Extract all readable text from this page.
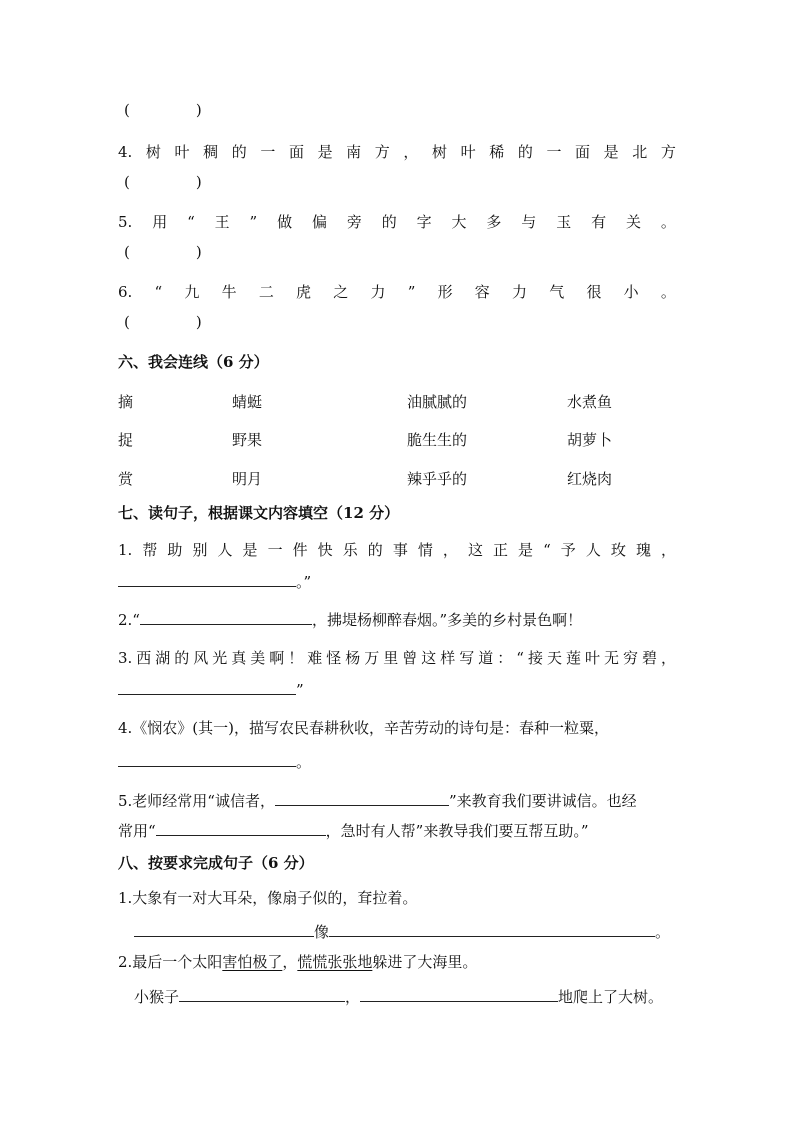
(	)
4. 树 叶 稠 的 一 面 是 南 方 ， 树 叶 稀 的 一 面 是 北 方
(	)
5. 用 “ 王 ” 做 偏 旁 的 字 大 多 与 玉 有 关 。
(	)
6. “ 九 牛 二 虎 之 力 ” 形 容 力 气 很 小 。
(	)
六、我会连线（6 分）
摘	蜻蜓	油腻腻的	水煮鱼
捉	野果	脆生生的	胡萝卜
赏	明月	辣乎乎的	红烧肉
七、读句子，根据课文内容填空（12 分）
1. 帮 助 别 人 是 一 件 快 乐 的 事 情 ， 这 正 是 “ 予 人 玫 瑰 ，
。”
2.“	，拂堤杨柳醉春烟。”多美的乡村景色啊！
3. 西 湖 的 风 光 真 美 啊 ！ 难 怪 杨 万 里 曾 这 样 写 道 ： “ 接 天 莲 叶 无 穷 碧 ，
”
4.《悯农》(其一)，描写农民春耕秋收，辛苦劳动的诗句是：春种一粒粟，
。
5.老师经常用“诚信者，	”来教育我们要讲诚信。也经
常用“	，急时有人帮”来教导我们要互帮互助。”
八、按要求完成句子（6 分）
1.大象有一对大耳朵，像扇子似的，耷拉着。
像	。
2.最后一个太阳害怕极了，慌慌张张地躲进了大海里。
小猴子	，	地爬上了大树。
